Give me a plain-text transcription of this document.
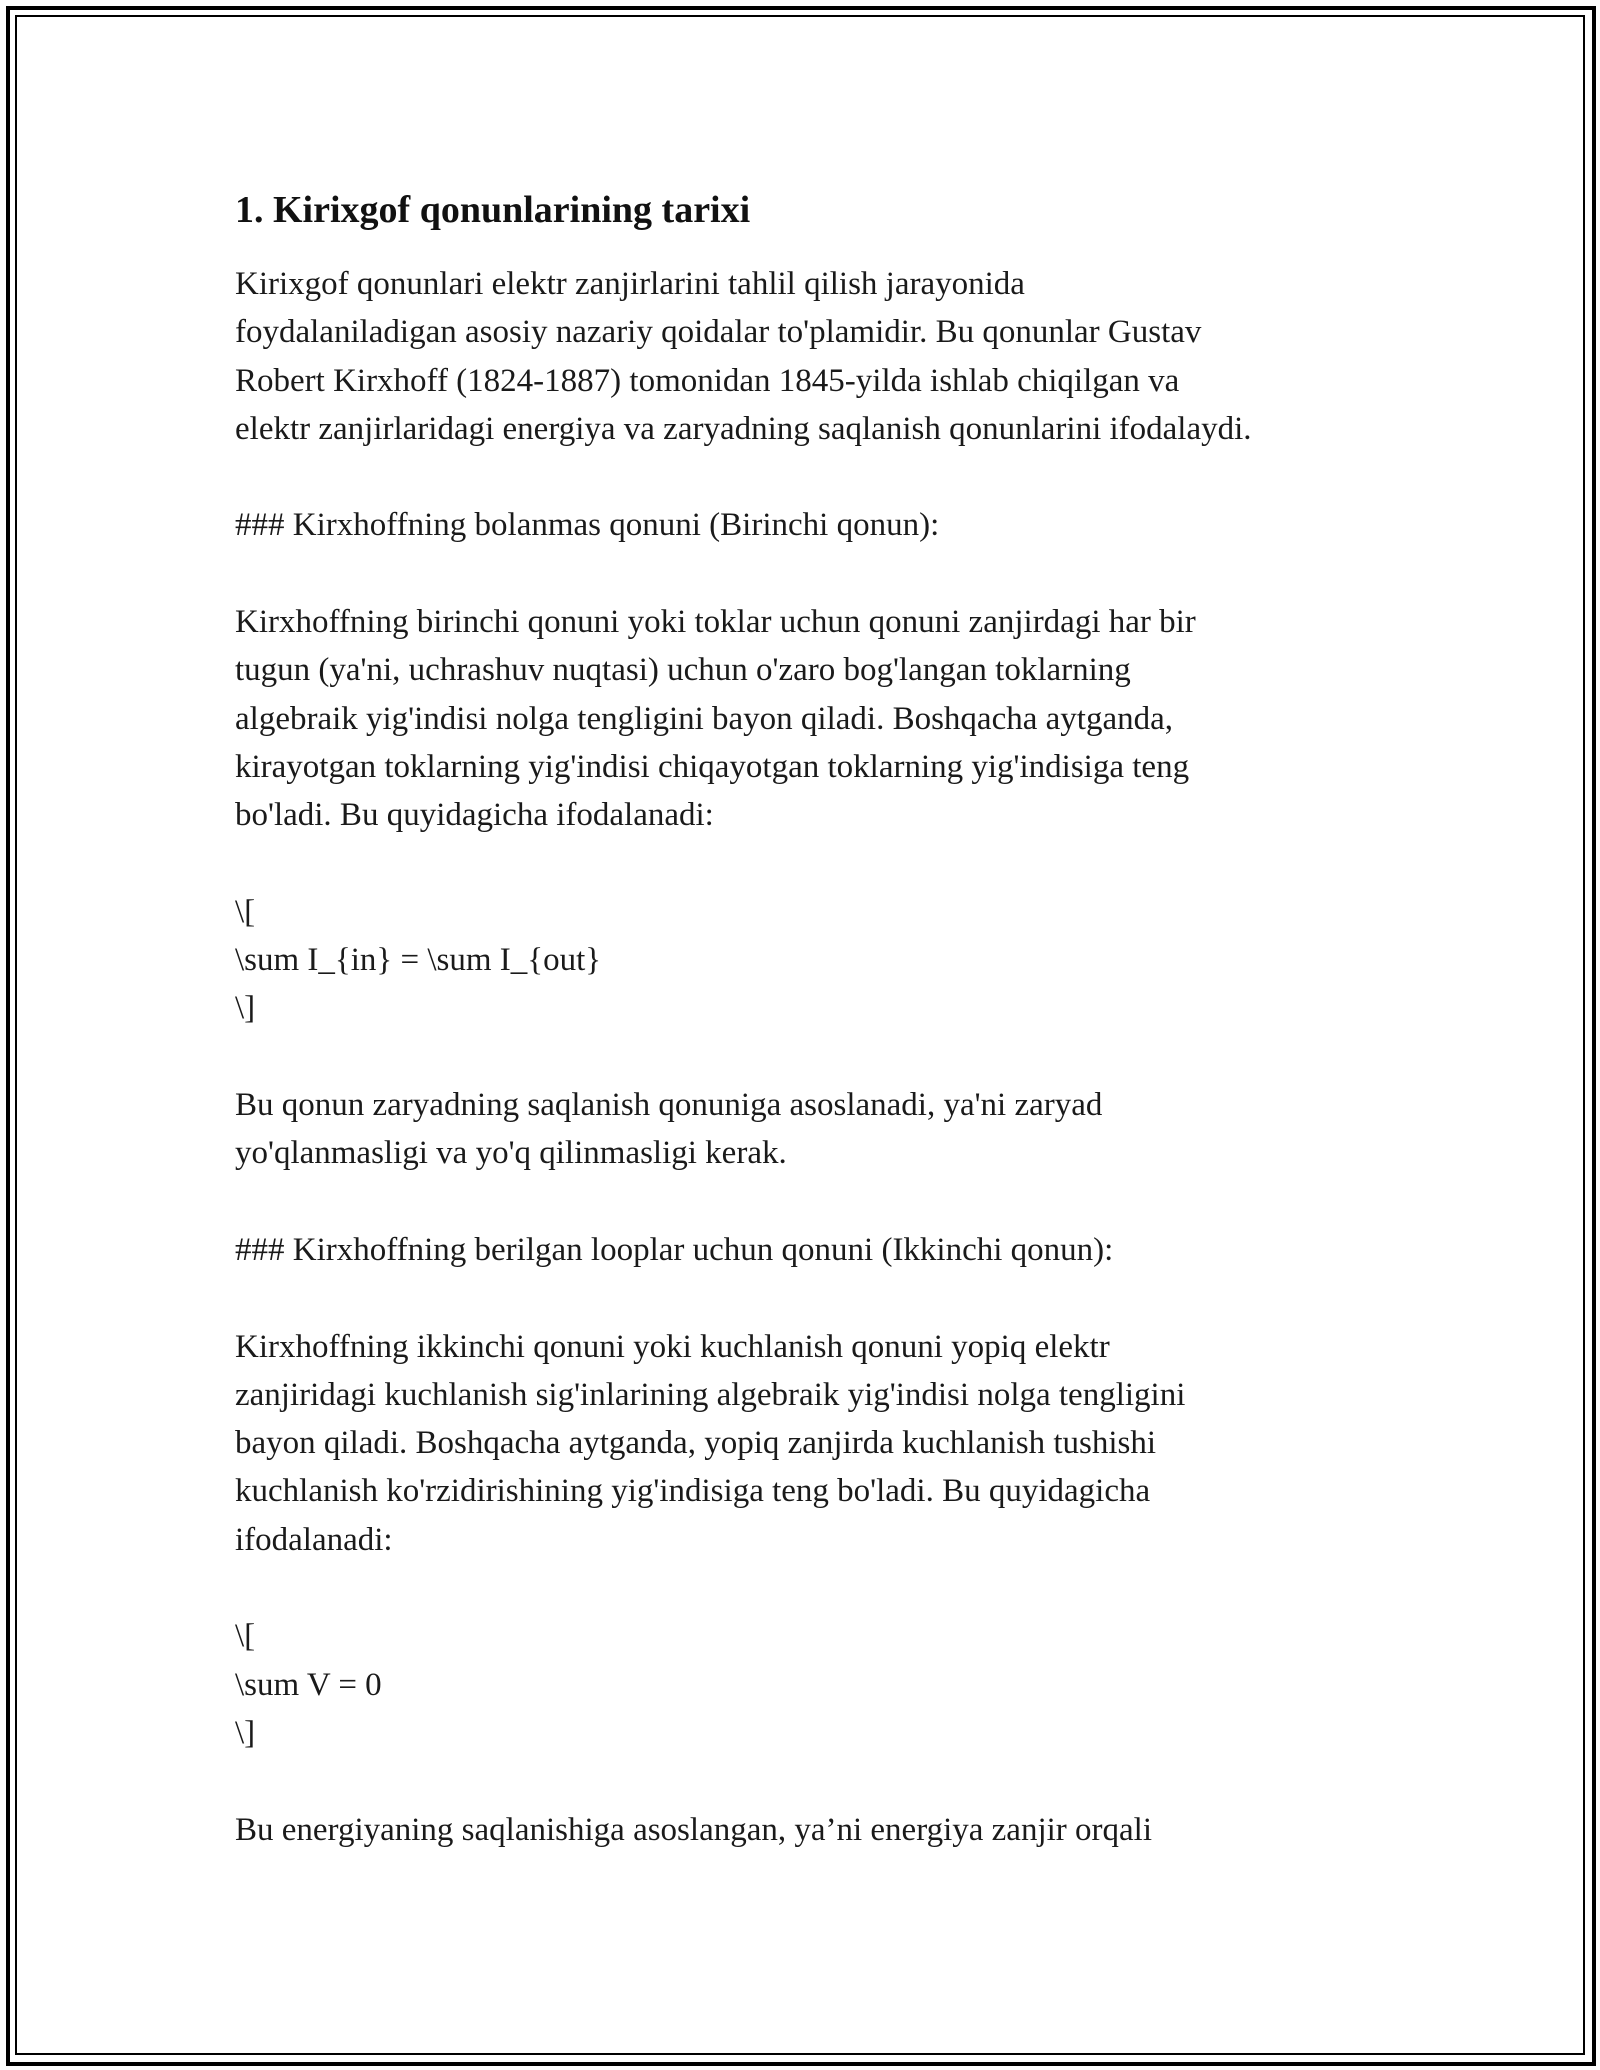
1. Kirixgof qonunlarining tarixi

Kirixgof qonunlari elektr zanjirlarini tahlil qilish jarayonida
foydalaniladigan asosiy nazariy qoidalar to'plamidir. Bu qonunlar Gustav
Robert Kirxhoff (1824-1887) tomonidan 1845-yilda ishlab chiqilgan va
elektr zanjirlaridagi energiya va zaryadning saqlanish qonunlarini ifodalaydi.

### Kirxhoffning bolanmas qonuni (Birinchi qonun):

Kirxhoffning birinchi qonuni yoki toklar uchun qonuni zanjirdagi har bir
tugun (ya'ni, uchrashuv nuqtasi) uchun o'zaro bog'langan toklarning
algebraik yig'indisi nolga tengligini bayon qiladi. Boshqacha aytganda,
kirayotgan toklarning yig'indisi chiqayotgan toklarning yig'indisiga teng
bo'ladi. Bu quyidagicha ifodalanadi:

\[
\sum I_{in} = \sum I_{out}
\]

Bu qonun zaryadning saqlanish qonuniga asoslanadi, ya'ni zaryad
yo'qlanmasligi va yo'q qilinmasligi kerak.

### Kirxhoffning berilgan looplar uchun qonuni (Ikkinchi qonun):

Kirxhoffning ikkinchi qonuni yoki kuchlanish qonuni yopiq elektr
zanjiridagi kuchlanish sig'inlarining algebraik yig'indisi nolga tengligini
bayon qiladi. Boshqacha aytganda, yopiq zanjirda kuchlanish tushishi
kuchlanish ko'rzidirishining yig'indisiga teng bo'ladi. Bu quyidagicha
ifodalanadi:

\[
\sum V = 0
\]

Bu energiyaning saqlanishiga asoslangan, ya’ni energiya zanjir orqali
